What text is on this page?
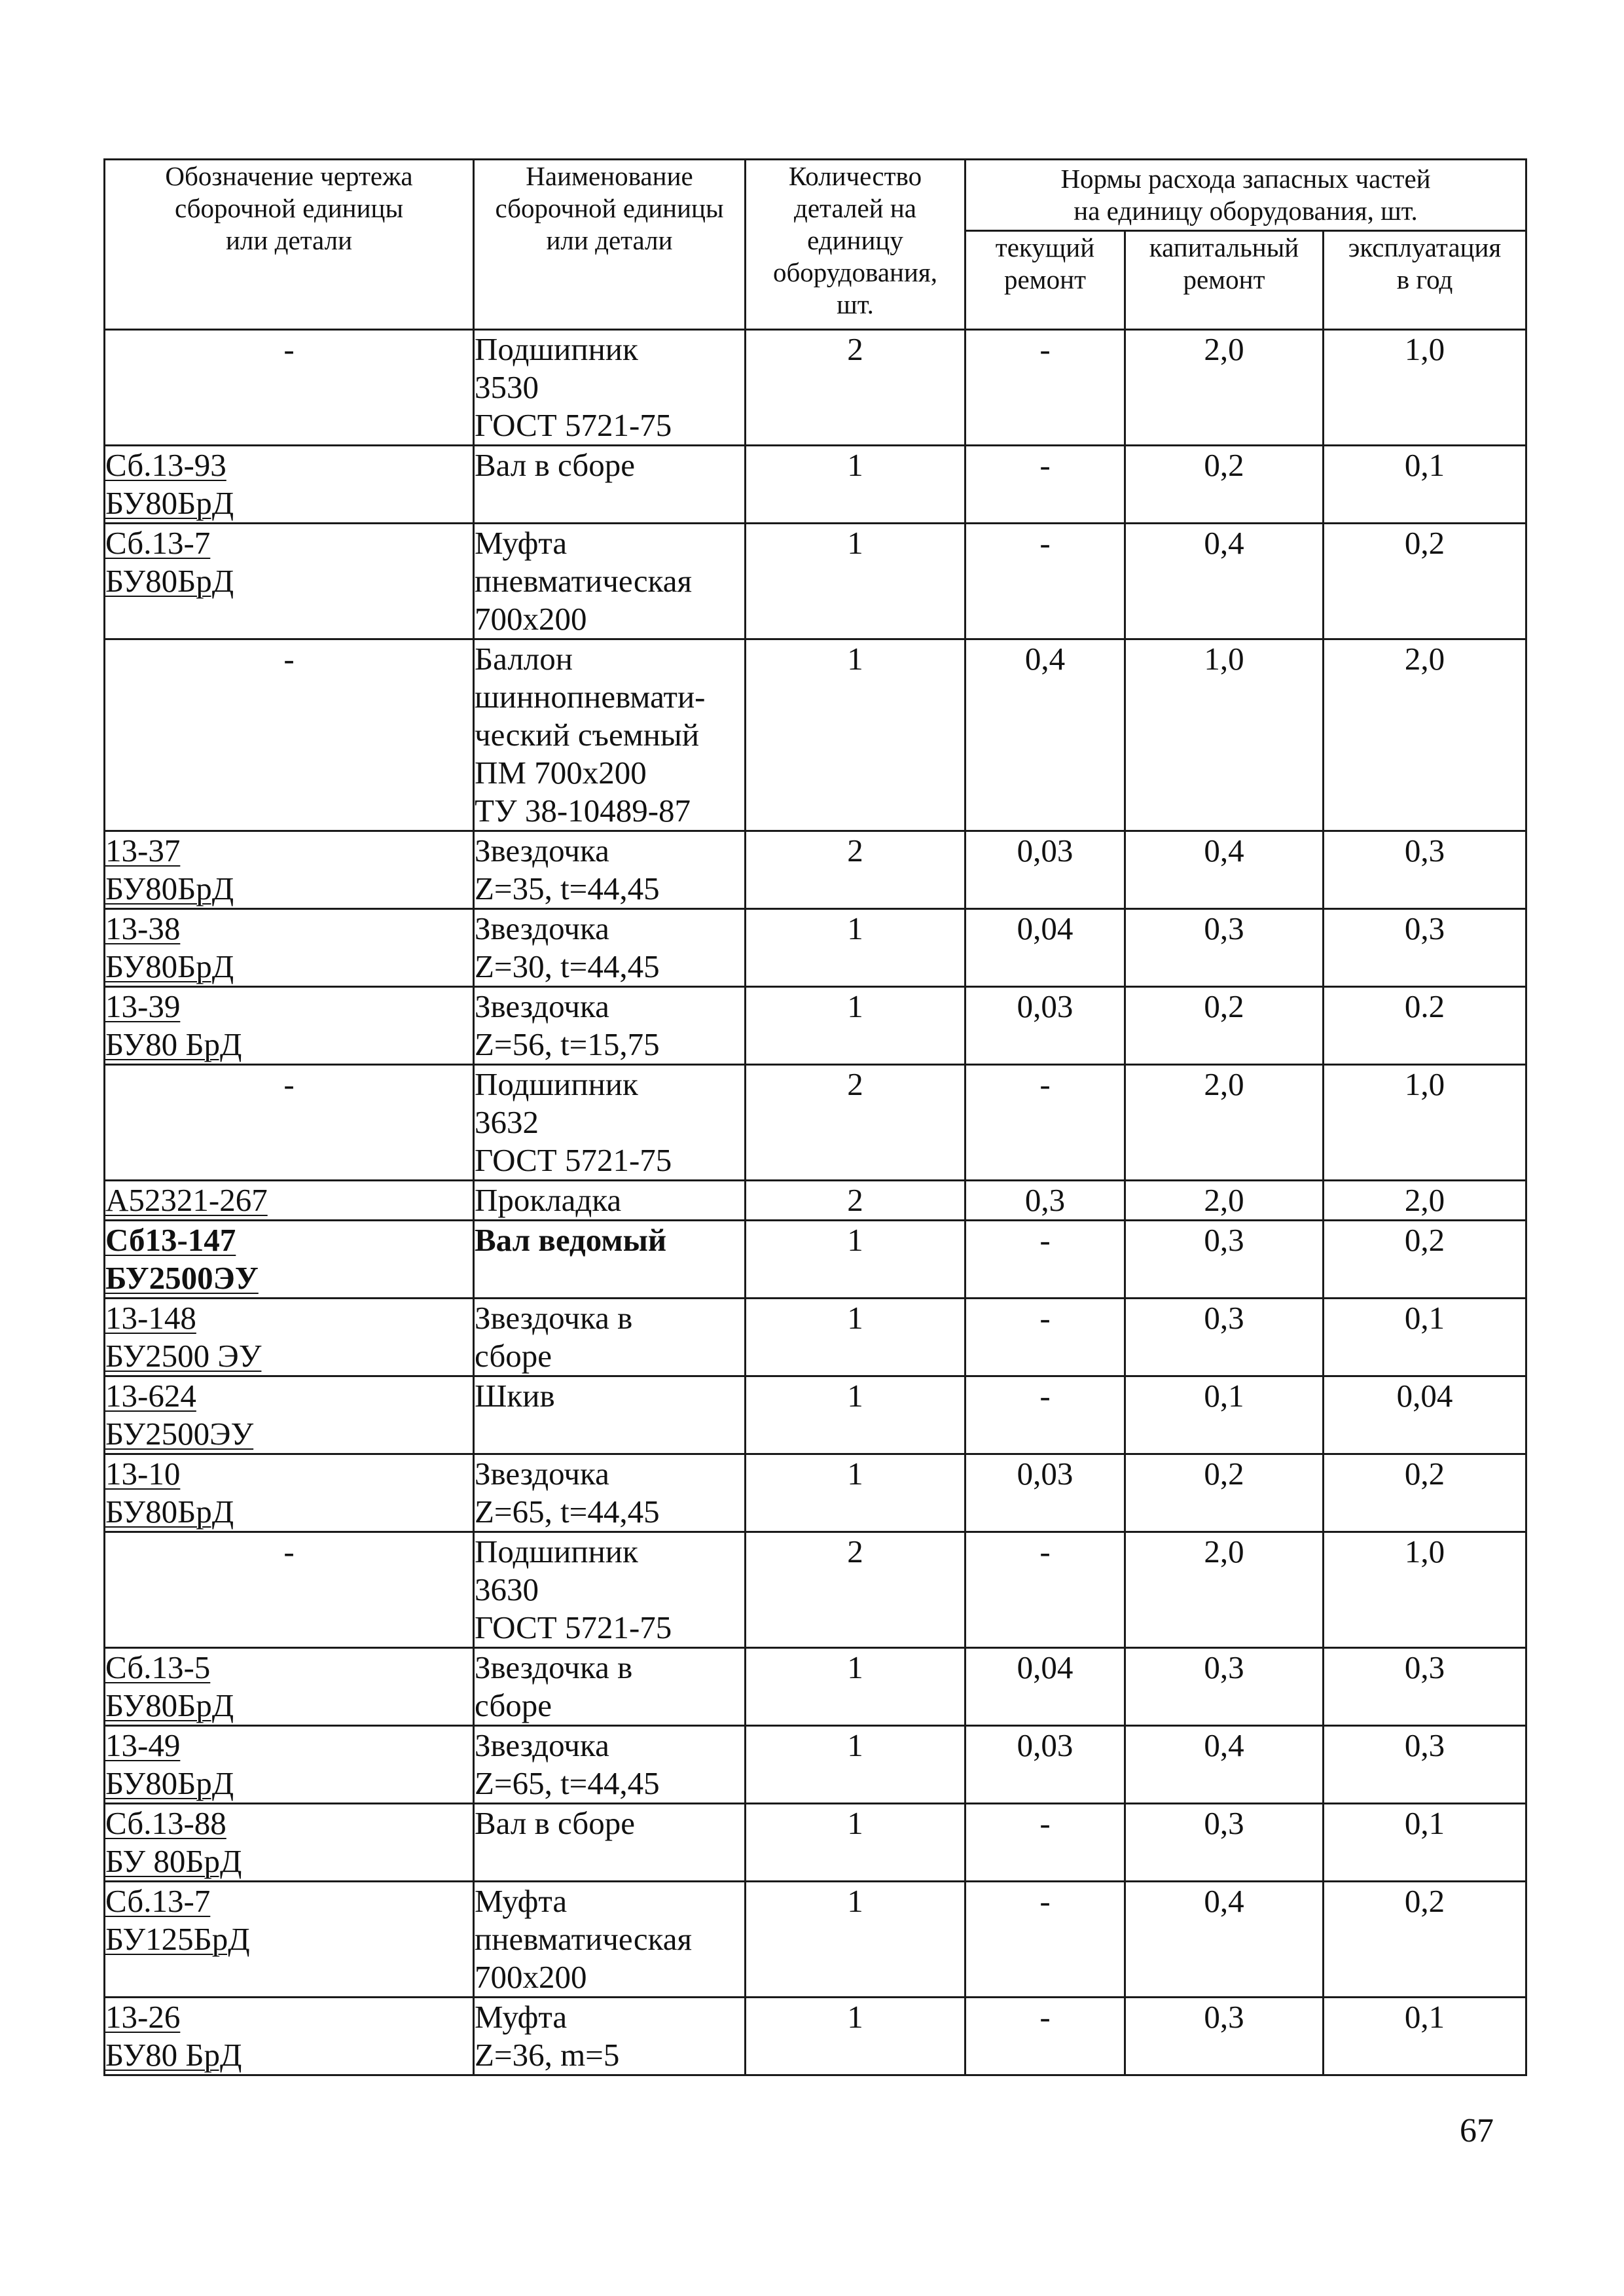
Обозначение чертежа
сборочной единицы
или детали	Наименование
сборочной единицы
или детали	Количество
деталей на
единицу
оборудования,
шт.	Нормы расхода запасных частей
на единицу оборудования, шт.		
			текущий
ремонт	капитальный
ремонт	эксплуатация
в год
-	Подшипник
3530
ГОСТ 5721-75	2	-	2,0	1,0

Сб.13-93
БУ80БрД	Вал в сборе	1	-	0,2	0,1

Сб.13-7
БУ80БрД	Муфта
пневматическая
700х200	1	-	0,4	0,2
-	Баллон
шиннопневмати-
ческий съемный
ПМ 700х200
ТУ 38-10489-87	1	0,4	1,0	2,0

13-37
БУ80БрД	Звездочка
Z=35, t=44,45	2	0,03	0,4	0,3

13-38
БУ80БрД	Звездочка
Z=30, t=44,45	1	0,04	0,3	0,3

13-39
БУ80 БрД	Звездочка
Z=56, t=15,75	1	0,03	0,2	0.2
-	Подшипник
3632
ГОСТ 5721-75	2	-	2,0	1,0

А52321-267	Прокладка	2	0,3	2,0	2,0

Сб13-147
БУ2500ЭУ	Вал ведомый	1	-	0,3	0,2

13-148
БУ2500 ЭУ	Звездочка в
сборе	1	-	0,3	0,1

13-624
БУ2500ЭУ	Шкив	1	-	0,1	0,04

13-10
БУ80БрД	Звездочка
Z=65, t=44,45	1	0,03	0,2	0,2
-	Подшипник
3630
ГОСТ 5721-75	2	-	2,0	1,0

Сб.13-5
БУ80БрД	Звездочка в
сборе	1	0,04	0,3	0,3

13-49
БУ80БрД	Звездочка
Z=65, t=44,45	1	0,03	0,4	0,3

Сб.13-88
БУ 80БрД	Вал в сборе	1	-	0,3	0,1

Сб.13-7
БУ125БрД	Муфта
пневматическая
700х200	1	-	0,4	0,2

13-26
БУ80 БрД	Муфта
Z=36, m=5	1	-	0,3	0,1
67
